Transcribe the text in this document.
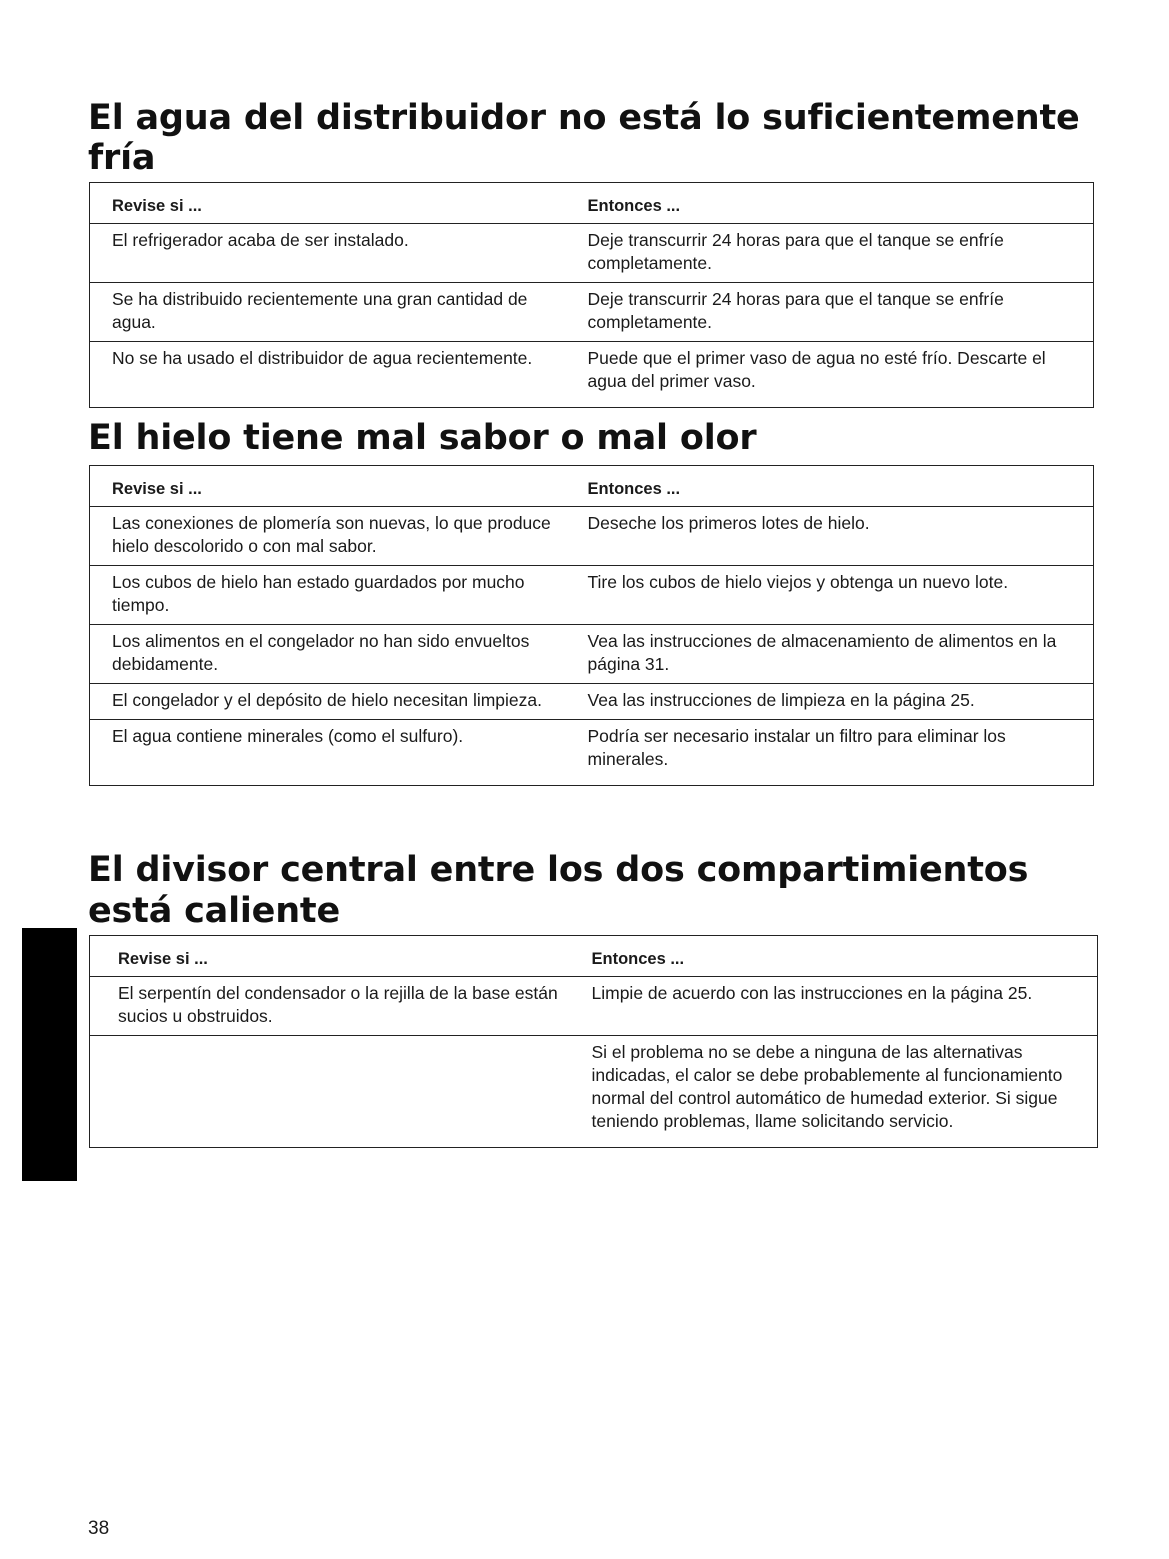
El agua del distribuidor no está lo suficientemente fría
Revise si ...	Entonces ...
El refrigerador acaba de ser instalado.	Deje transcurrir 24 horas para que el tanque se enfríe completamente.
Se ha distribuido recientemente una gran cantidad de agua.	Deje transcurrir 24 horas para que el tanque se enfríe completamente.
No se ha usado el distribuidor de agua recientemente.	Puede que el primer vaso de agua no esté frío. Descarte el agua del primer vaso.
El hielo tiene mal sabor o mal olor
Revise si ...	Entonces ...
Las conexiones de plomería son nuevas, lo que produce hielo descolorido o con mal sabor.	Deseche los primeros lotes de hielo.
Los cubos de hielo han estado guardados por mucho tiempo.	Tire los cubos de hielo viejos y obtenga un nuevo lote.
Los alimentos en el congelador no han sido envueltos debidamente.	Vea las instrucciones de almacenamiento de alimentos en la página 31.
El congelador y el depósito de hielo necesitan limpieza.	Vea las instrucciones de limpieza en la página 25.
El agua contiene minerales (como el sulfuro).	Podría ser necesario instalar un filtro para eliminar los minerales.
El divisor central entre los dos compartimientos está caliente
Revise si ...	Entonces ...
El serpentín del condensador o la rejilla de la base están sucios u obstruidos.	Limpie de acuerdo con las instrucciones en la página 25.
	Si el problema no se debe a ninguna de las alternativas indicadas, el calor se debe probablemente al funcionamiento normal del control automático de humedad exterior. Si sigue teniendo problemas, llame solicitando servicio.
38
